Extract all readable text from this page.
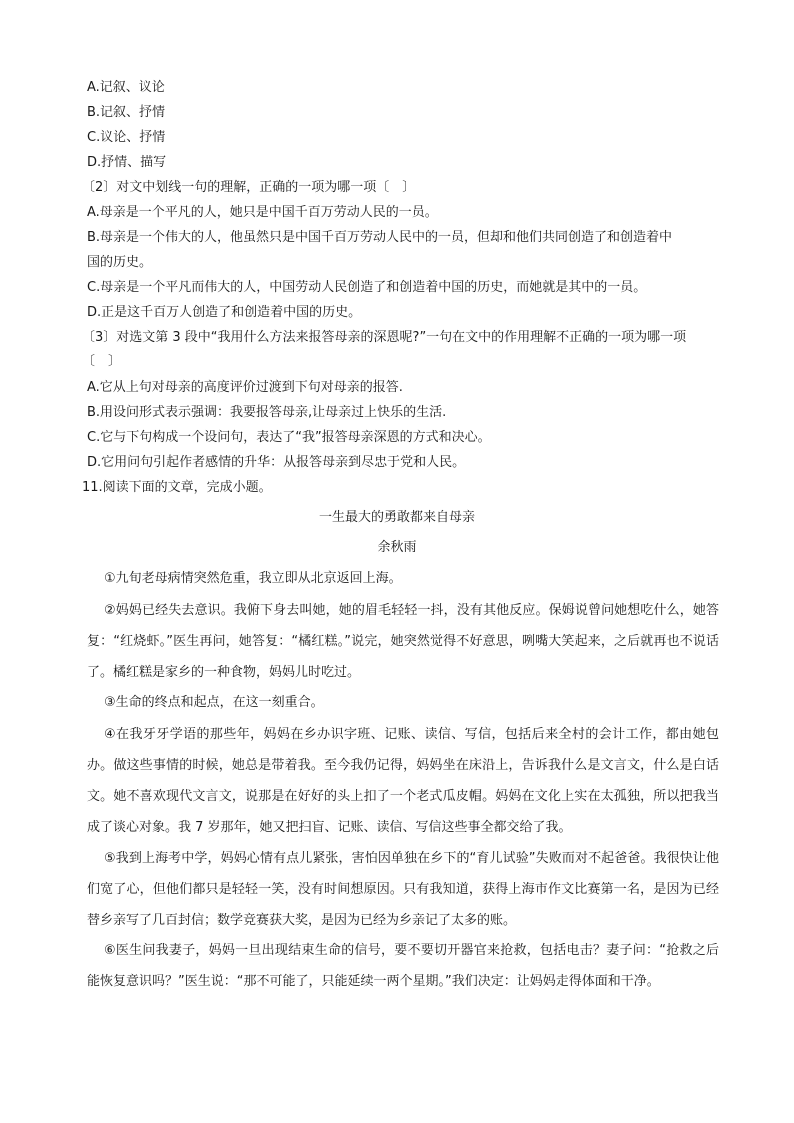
A.记叙、议论
B.记叙、抒情
C.议论、抒情
D.抒情、描写
〔2〕对文中划线一句的理解，正确的一项为哪一项〔　〕
A.母亲是一个平凡的人，她只是中国千百万劳动人民的一员。
B.母亲是一个伟大的人，他虽然只是中国千百万劳动人民中的一员，但却和他们共同创造了和创造着中
国的历史。
C.母亲是一个平凡而伟大的人，中国劳动人民创造了和创造着中国的历史，而她就是其中的一员。
D.正是这千百万人创造了和创造着中国的历史。
〔3〕对选文第 3 段中“我用什么方法来报答母亲的深恩呢?”一句在文中的作用理解不正确的一项为哪一项
〔　〕
A.它从上句对母亲的高度评价过渡到下句对母亲的报答.
B.用设问形式表示强调：我要报答母亲,让母亲过上快乐的生活.
C.它与下句构成一个设问句，表达了“我”报答母亲深恩的方式和决心。
D.它用问句引起作者感情的升华：从报答母亲到尽忠于党和人民。
11.阅读下面的文章，完成小题。
一生最大的勇敢都来自母亲
余秋雨
①九旬老母病情突然危重，我立即从北京返回上海。
②妈妈已经失去意识。我俯下身去叫她，她的眉毛轻轻一抖，没有其他反应。保姆说曾问她想吃什么，她答复：“红烧虾。”医生再问，她答复：“橘红糕。”说完，她突然觉得不好意思，咧嘴大笑起来，之后就再也不说话了。橘红糕是家乡的一种食物，妈妈儿时吃过。
③生命的终点和起点，在这一刻重合。
④在我牙牙学语的那些年，妈妈在乡办识字班、记账、读信、写信，包括后来全村的会计工作，都由她包办。做这些事情的时候，她总是带着我。至今我仍记得，妈妈坐在床沿上，告诉我什么是文言文，什么是白话文。她不喜欢现代文言文，说那是在好好的头上扣了一个老式瓜皮帽。妈妈在文化上实在太孤独，所以把我当成了谈心对象。我 7 岁那年，她又把扫盲、记账、读信、写信这些事全都交给了我。
⑤我到上海考中学，妈妈心情有点儿紧张，害怕因单独在乡下的“育儿试验”失败而对不起爸爸。我很快让他们宽了心，但他们都只是轻轻一笑，没有时间想原因。只有我知道，获得上海市作文比赛第一名，是因为已经替乡亲写了几百封信；数学竞赛获大奖，是因为已经为乡亲记了太多的账。
⑥医生问我妻子，妈妈一旦出现结束生命的信号，要不要切开器官来抢救，包括电击？妻子问：“抢救之后能恢复意识吗？”医生说：“那不可能了，只能延续一两个星期。”我们决定：让妈妈走得体面和干净。
